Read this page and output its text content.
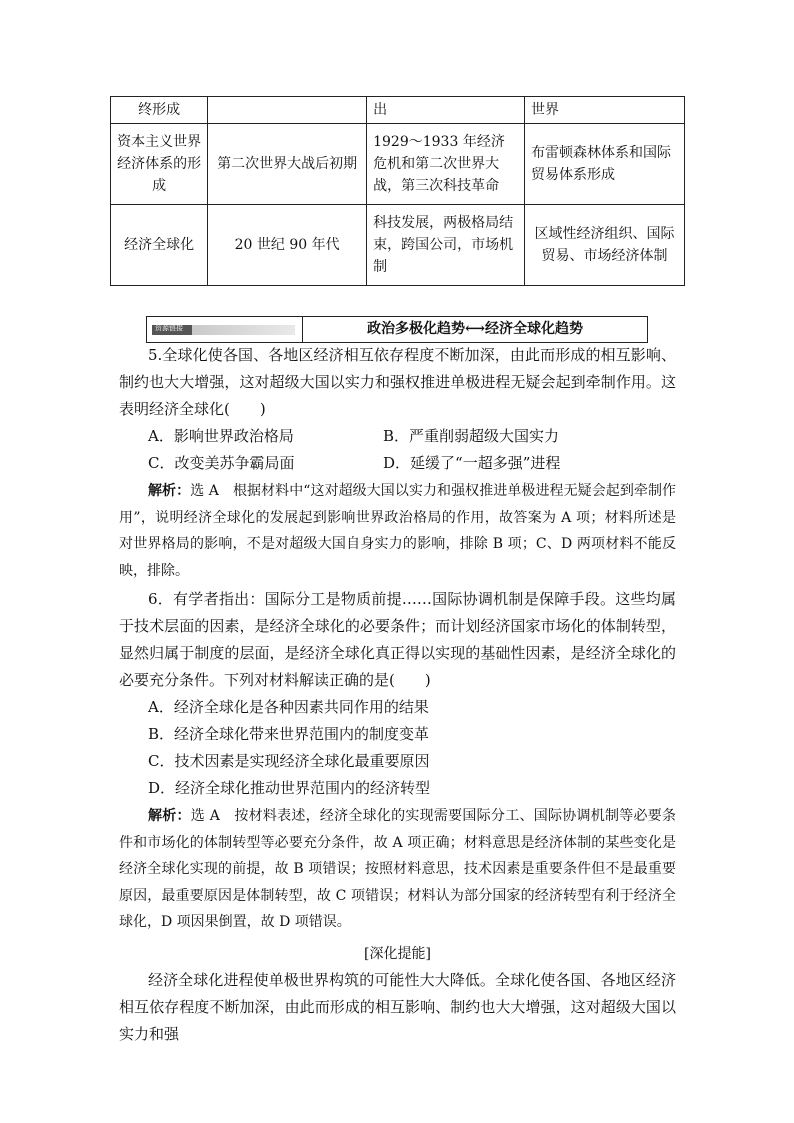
终形成		出	世界
资本主义世界经济体系的形成	第二次世界大战后初期	1929～1933 年经济危机和第二次世界大战，第三次科技革命	布雷顿森林体系和国际贸易体系形成
经济全球化	20 世纪 90 年代	科技发展，两极格局结束，跨国公司，市场机制	区域性经济组织、国际贸易、市场经济体制
资源链接	政治多极化趋势⟷经济全球化趋势

5.全球化使各国、各地区经济相互依存程度不断加深，由此而形成的相互影响、制约也大大增强，这对超级大国以实力和强权推进单极进程无疑会起到牵制作用。这表明经济全球化(　　)

A．影响世界政治格局	B．严重削弱超级大国实力
C．改变美苏争霸局面	D．延缓了“一超多强”进程

解析：选 A　根据材料中“这对超级大国以实力和强权推进单极进程无疑会起到牵制作用”，说明经济全球化的发展起到影响世界政治格局的作用，故答案为 A 项；材料所述是对世界格局的影响，不是对超级大国自身实力的影响，排除 B 项；C、D 两项材料不能反映，排除。

6．有学者指出：国际分工是物质前提……国际协调机制是保障手段。这些均属于技术层面的因素，是经济全球化的必要条件；而计划经济国家市场化的体制转型，显然归属于制度的层面，是经济全球化真正得以实现的基础性因素，是经济全球化的必要充分条件。下列对材料解读正确的是(　　)

A．经济全球化是各种因素共同作用的结果
B．经济全球化带来世界范围内的制度变革
C．技术因素是实现经济全球化最重要原因
D．经济全球化推动世界范围内的经济转型

解析：选 A　按材料表述，经济全球化的实现需要国际分工、国际协调机制等必要条件和市场化的体制转型等必要充分条件，故 A 项正确；材料意思是经济体制的某些变化是经济全球化实现的前提，故 B 项错误；按照材料意思，技术因素是重要条件但不是最重要原因，最重要原因是体制转型，故 C 项错误；材料认为部分国家的经济转型有利于经济全球化，D 项因果倒置，故 D 项错误。

[深化提能]

经济全球化进程使单极世界构筑的可能性大大降低。全球化使各国、各地区经济相互依存程度不断加深，由此而形成的相互影响、制约也大大增强，这对超级大国以实力和强
